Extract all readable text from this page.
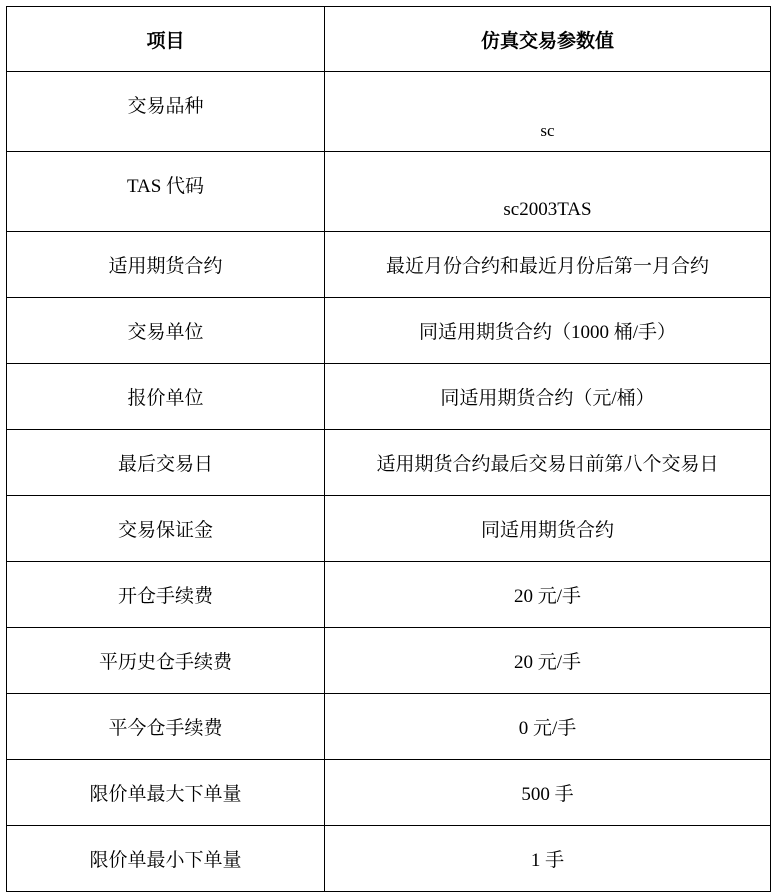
项目	仿真交易参数值
交易品种	sc
TAS 代码	sc2003TAS
适用期货合约	最近月份合约和最近月份后第一月合约
交易单位	同适用期货合约（1000 桶/手）
报价单位	同适用期货合约（元/桶）
最后交易日	适用期货合约最后交易日前第八个交易日
交易保证金	同适用期货合约
开仓手续费	20 元/手
平历史仓手续费	20 元/手
平今仓手续费	0 元/手
限价单最大下单量	500 手
限价单最小下单量	1 手
